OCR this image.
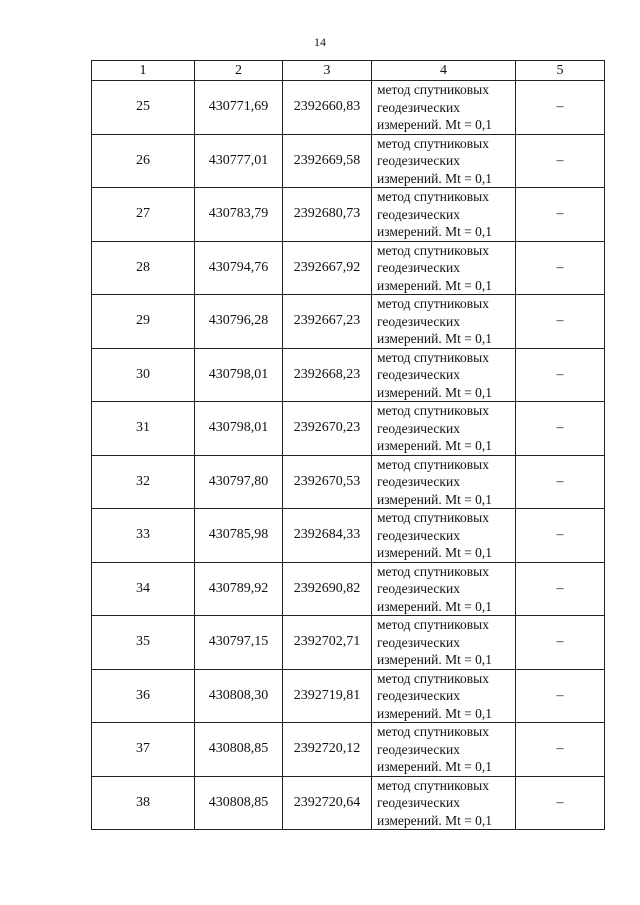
14
1	2	3	4	5
25	430771,69	2392660,83	метод спутниковых
геодезических
измерений. Mt = 0,1	–
26	430777,01	2392669,58	метод спутниковых
геодезических
измерений. Mt = 0,1	–
27	430783,79	2392680,73	метод спутниковых
геодезических
измерений. Mt = 0,1	–
28	430794,76	2392667,92	метод спутниковых
геодезических
измерений. Mt = 0,1	–
29	430796,28	2392667,23	метод спутниковых
геодезических
измерений. Mt = 0,1	–
30	430798,01	2392668,23	метод спутниковых
геодезических
измерений. Mt = 0,1	–
31	430798,01	2392670,23	метод спутниковых
геодезических
измерений. Mt = 0,1	–
32	430797,80	2392670,53	метод спутниковых
геодезических
измерений. Mt = 0,1	–
33	430785,98	2392684,33	метод спутниковых
геодезических
измерений. Mt = 0,1	–
34	430789,92	2392690,82	метод спутниковых
геодезических
измерений. Mt = 0,1	–
35	430797,15	2392702,71	метод спутниковых
геодезических
измерений. Mt = 0,1	–
36	430808,30	2392719,81	метод спутниковых
геодезических
измерений. Mt = 0,1	–
37	430808,85	2392720,12	метод спутниковых
геодезических
измерений. Mt = 0,1	–
38	430808,85	2392720,64	метод спутниковых
геодезических
измерений. Mt = 0,1	–
